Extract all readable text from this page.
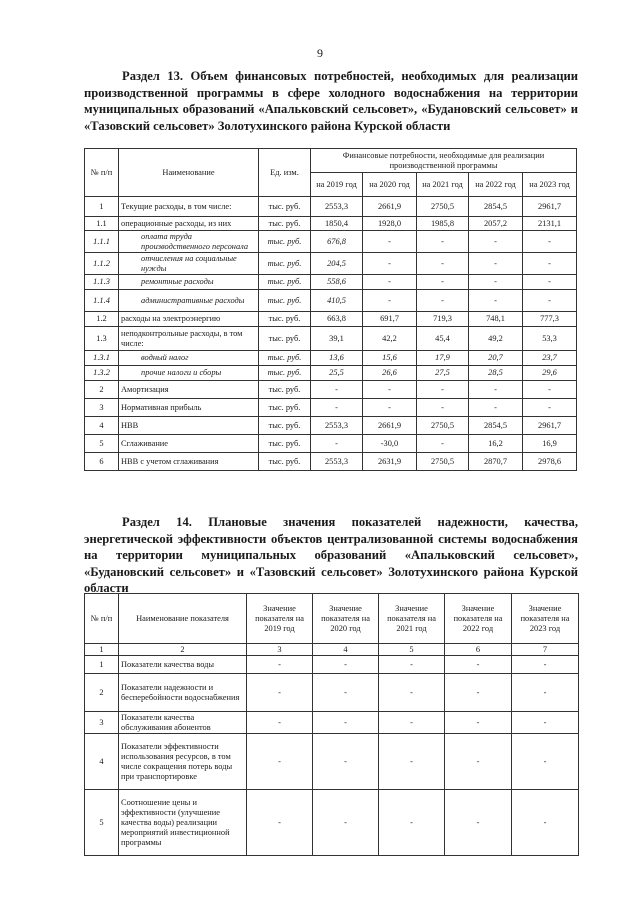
9
Раздел 13. Объем финансовых потребностей, необходимых для реализации производственной программы в сфере холодного водоснабжения на территории муниципальных образований «Апальковский сельсовет», «Будановский сельсовет» и «Тазовский сельсовет» Золотухинского района Курской области
№ п/п	Наименование	Ед. изм.	Финансовые потребности, необходимые для реализации производственной программы				
			на 2019 год	на 2020 год	на 2021 год	на 2022 год	на 2023 год
1	Текущие расходы, в том числе:	тыс. руб.	2553,3	2661,9	2750,5	2854,5	2961,7
1.1	операционные расходы, из них	тыс. руб.	1850,4	1928,0	1985,8	2057,2	2131,1
1.1.1	оплата труда производственного персонала	тыс. руб.	676,8	-	-	-	-
1.1.2	отчисления на социальные нужды	тыс. руб.	204,5	-	-	-	-
1.1.3	ремонтные расходы	тыс. руб.	558,6	-	-	-	-
1.1.4	административные расходы	тыс. руб.	410,5	-	-	-	-
1.2	расходы на электроэнергию	тыс. руб.	663,8	691,7	719,3	748,1	777,3
1.3	неподконтрольные расходы, в том числе:	тыс. руб.	39,1	42,2	45,4	49,2	53,3
1.3.1	водный налог	тыс. руб.	13,6	15,6	17,9	20,7	23,7
1.3.2	прочие налоги и сборы	тыс. руб.	25,5	26,6	27,5	28,5	29,6
2	Амортизация	тыс. руб.	-	-	-	-	-
3	Нормативная прибыль	тыс. руб.	-	-	-	-	-
4	НВВ	тыс. руб.	2553,3	2661,9	2750,5	2854,5	2961,7
5	Сглаживание	тыс. руб.	-	-30,0	-	16,2	16,9
6	НВВ с учетом сглаживания	тыс. руб.	2553,3	2631,9	2750,5	2870,7	2978,6
Раздел 14. Плановые значения показателей надежности, качества, энергетической эффективности объектов централизованной системы водоснабжения на территории муниципальных образований «Апальковский сельсовет», «Будановский сельсовет» и «Тазовский сельсовет» Золотухинского района Курской области
№ п/п	Наименование показателя	Значение показателя на 2019 год	Значение показателя на 2020 год	Значение показателя на 2021 год	Значение показателя на 2022 год	Значение показателя на 2023 год
1	2	3	4	5	6	7
1	Показатели качества воды	-	-	-	-	-
2	Показатели надежности и бесперебойности водоснабжения	-	-	-	-	-
3	Показатели качества обслуживания абонентов	-	-	-	-	-
4	Показатели эффективности использования ресурсов, в том числе сокращения потерь воды при транспортировке	-	-	-	-	-
5	Соотношение цены и эффективности (улучшение качества воды) реализации мероприятий инвестиционной программы	-	-	-	-	-
